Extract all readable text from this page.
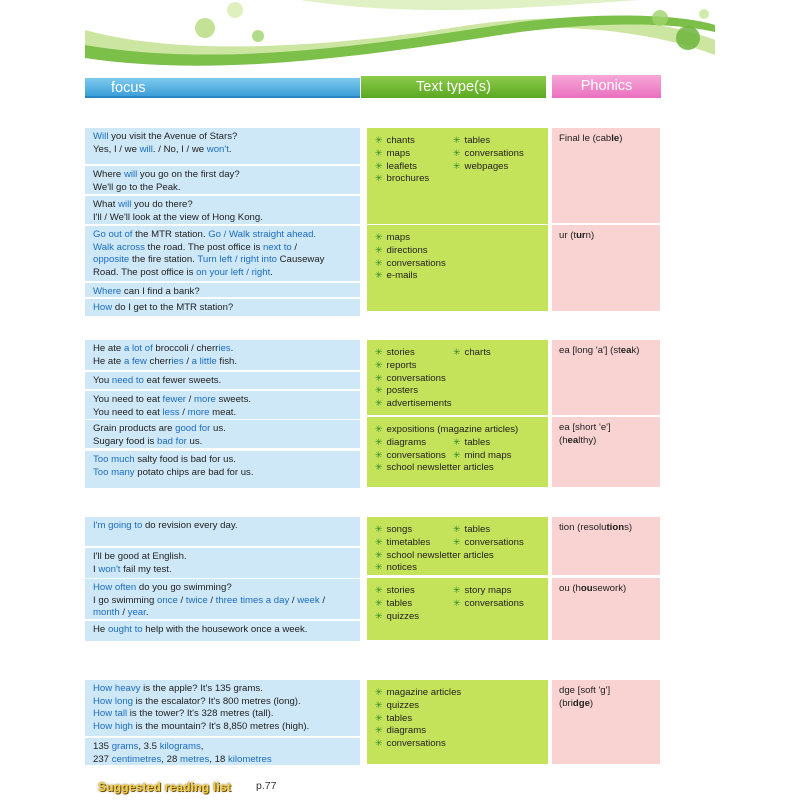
focus	Text type(s)	Phonics
Will you visit the Avenue of Stars?
Yes, I / we will. / No, I / we won't.
Where will you go on the first day?
We'll go to the Peak.
What will you do there?
I'll / We'll look at the view of Hong Kong.
Go out of the MTR station. Go / Walk straight ahead.
Walk across the road. The post office is next to /
opposite the fire station. Turn left / right into Causeway
Road. The post office is on your left / right.
Where can I find a bank?
How do I get to the MTR station?
✳ chants
✳ maps
✳ leaflets
✳ brochures
✳ tables
✳ conversations
✳ webpages
✳ maps
✳ directions
✳ conversations
✳ e-mails
Final le (cable)
ur (turn)
He ate a lot of broccoli / cherries.
He ate a few cherries / a little fish.
You need to eat fewer sweets.
You need to eat fewer / more sweets.
You need to eat less / more meat.
Grain products are good for us.
Sugary food is bad for us.
Too much salty food is bad for us.
Too many potato chips are bad for us.
✳ stories
✳ reports
✳ conversations
✳ posters
✳ advertisements
✳ charts
✳ expositions (magazine articles)
✳ diagrams
✳ conversations
✳ school newsletter articles
✳ tables
✳ mind maps
ea [long 'a'] (steak)
ea [short 'e']
(healthy)
I'm going to do revision every day.
I'll be good at English.
I won't fail my test.
How often do you go swimming?
I go swimming once / twice / three times a day / week /
month / year.
He ought to help with the housework once a week.
✳ songs
✳ timetables
✳ school newsletter articles
✳ notices
✳ tables
✳ conversations
✳ stories
✳ tables
✳ quizzes
✳ story maps
✳ conversations
tion (resolutions)
ou (housework)
How heavy is the apple? It's 135 grams.
How long is the escalator? It's 800 metres (long).
How tall is the tower? It's 328 metres (tall).
How high is the mountain? It's 8,850 metres (high).
135 grams, 3.5 kilograms,
237 centimetres, 28 metres, 18 kilometres
✳ magazine articles
✳ quizzes
✳ tables
✳ diagrams
✳ conversations
dge [soft 'g']
(bridge)
Suggested reading list p.77
